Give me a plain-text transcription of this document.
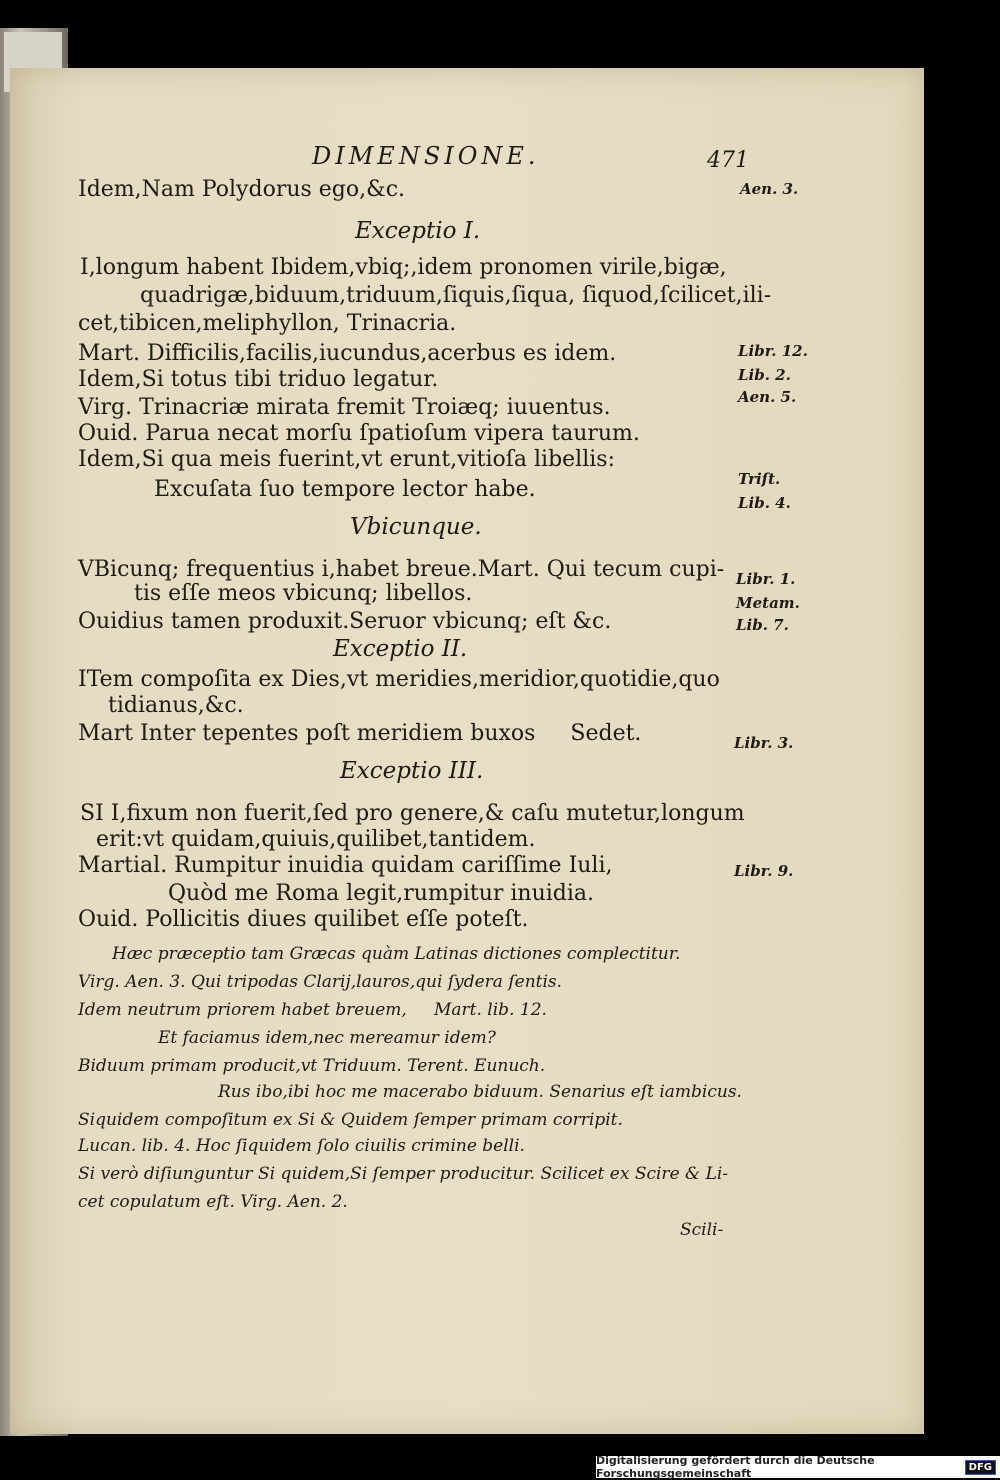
DIMENSIONE.	471
Idem,Nam Polydorus ego,&c.
Exceptio I.
I,longum habent Ibidem,vbiq;,idem pronomen virile,bigæ,
quadrigæ,biduum,triduum,ſiquis,ſiqua, ſiquod,ſcilicet,ili-
cet,tibicen,meliphyllon, Trinacria.
Mart. Difficilis,facilis,iucundus,acerbus es idem.
Idem,Si totus tibi triduo legatur.
Virg. Trinacriæ mirata fremit Troiæq; iuuentus.
Ouid. Parua necat morſu ſpatioſum vipera taurum.
Idem,Si qua meis fuerint,vt erunt,vitioſa libellis:
Excuſata ſuo tempore lector habe.
Vbicunque.
VBicunq; frequentius i,habet breue.Mart. Qui tecum cupi-
tis eſſe meos vbicunq; libellos.
Ouidius tamen produxit.Seruor vbicunq; eſt &c.
Exceptio II.
ITem compoſita ex Dies,vt meridies,meridior,quotidie,quo
tidianus,&c.
Mart Inter tepentes poſt meridiem buxos     Sedet.
Exceptio III.
SI I,fixum non fuerit,ſed pro genere,& caſu mutetur,longum
erit:vt quidam,quiuis,quilibet,tantidem.
Martial. Rumpitur inuidia quidam cariſſime Iuli,
Quòd me Roma legit,rumpitur inuidia.
Ouid. Pollicitis diues quilibet eſſe poteſt.
Hæc præceptio tam Græcas quàm Latinas dictiones complectitur.
Virg. Aen. 3. Qui tripodas Clarij,lauros,qui ſydera ſentis.
Idem neutrum priorem habet breuem, Mart. lib. 12.
Et faciamus idem,nec mereamur idem?
Biduum primam producit,vt Triduum. Terent. Eunuch.
Rus ibo,ibi hoc me macerabo biduum. Senarius eſt iambicus.
Siquidem compoſitum ex Si & Quidem ſemper primam corripit.
Lucan. lib. 4. Hoc ſiquidem ſolo ciuilis crimine belli.
Si verò diſiunguntur Si quidem,Si ſemper producitur. Scilicet ex Scire & Li-
cet copulatum eſt. Virg. Aen. 2.
Scili-
Aen. 3.
Libr. 12.
Lib. 2.
Aen. 5.
Triſt.
Lib. 4.
Libr. 1.
Metam.
Lib. 7.
Libr. 3.
Libr. 9.
Digitalisierung gefördert durch die Deutsche Forschungsgemeinschaft	DFG
